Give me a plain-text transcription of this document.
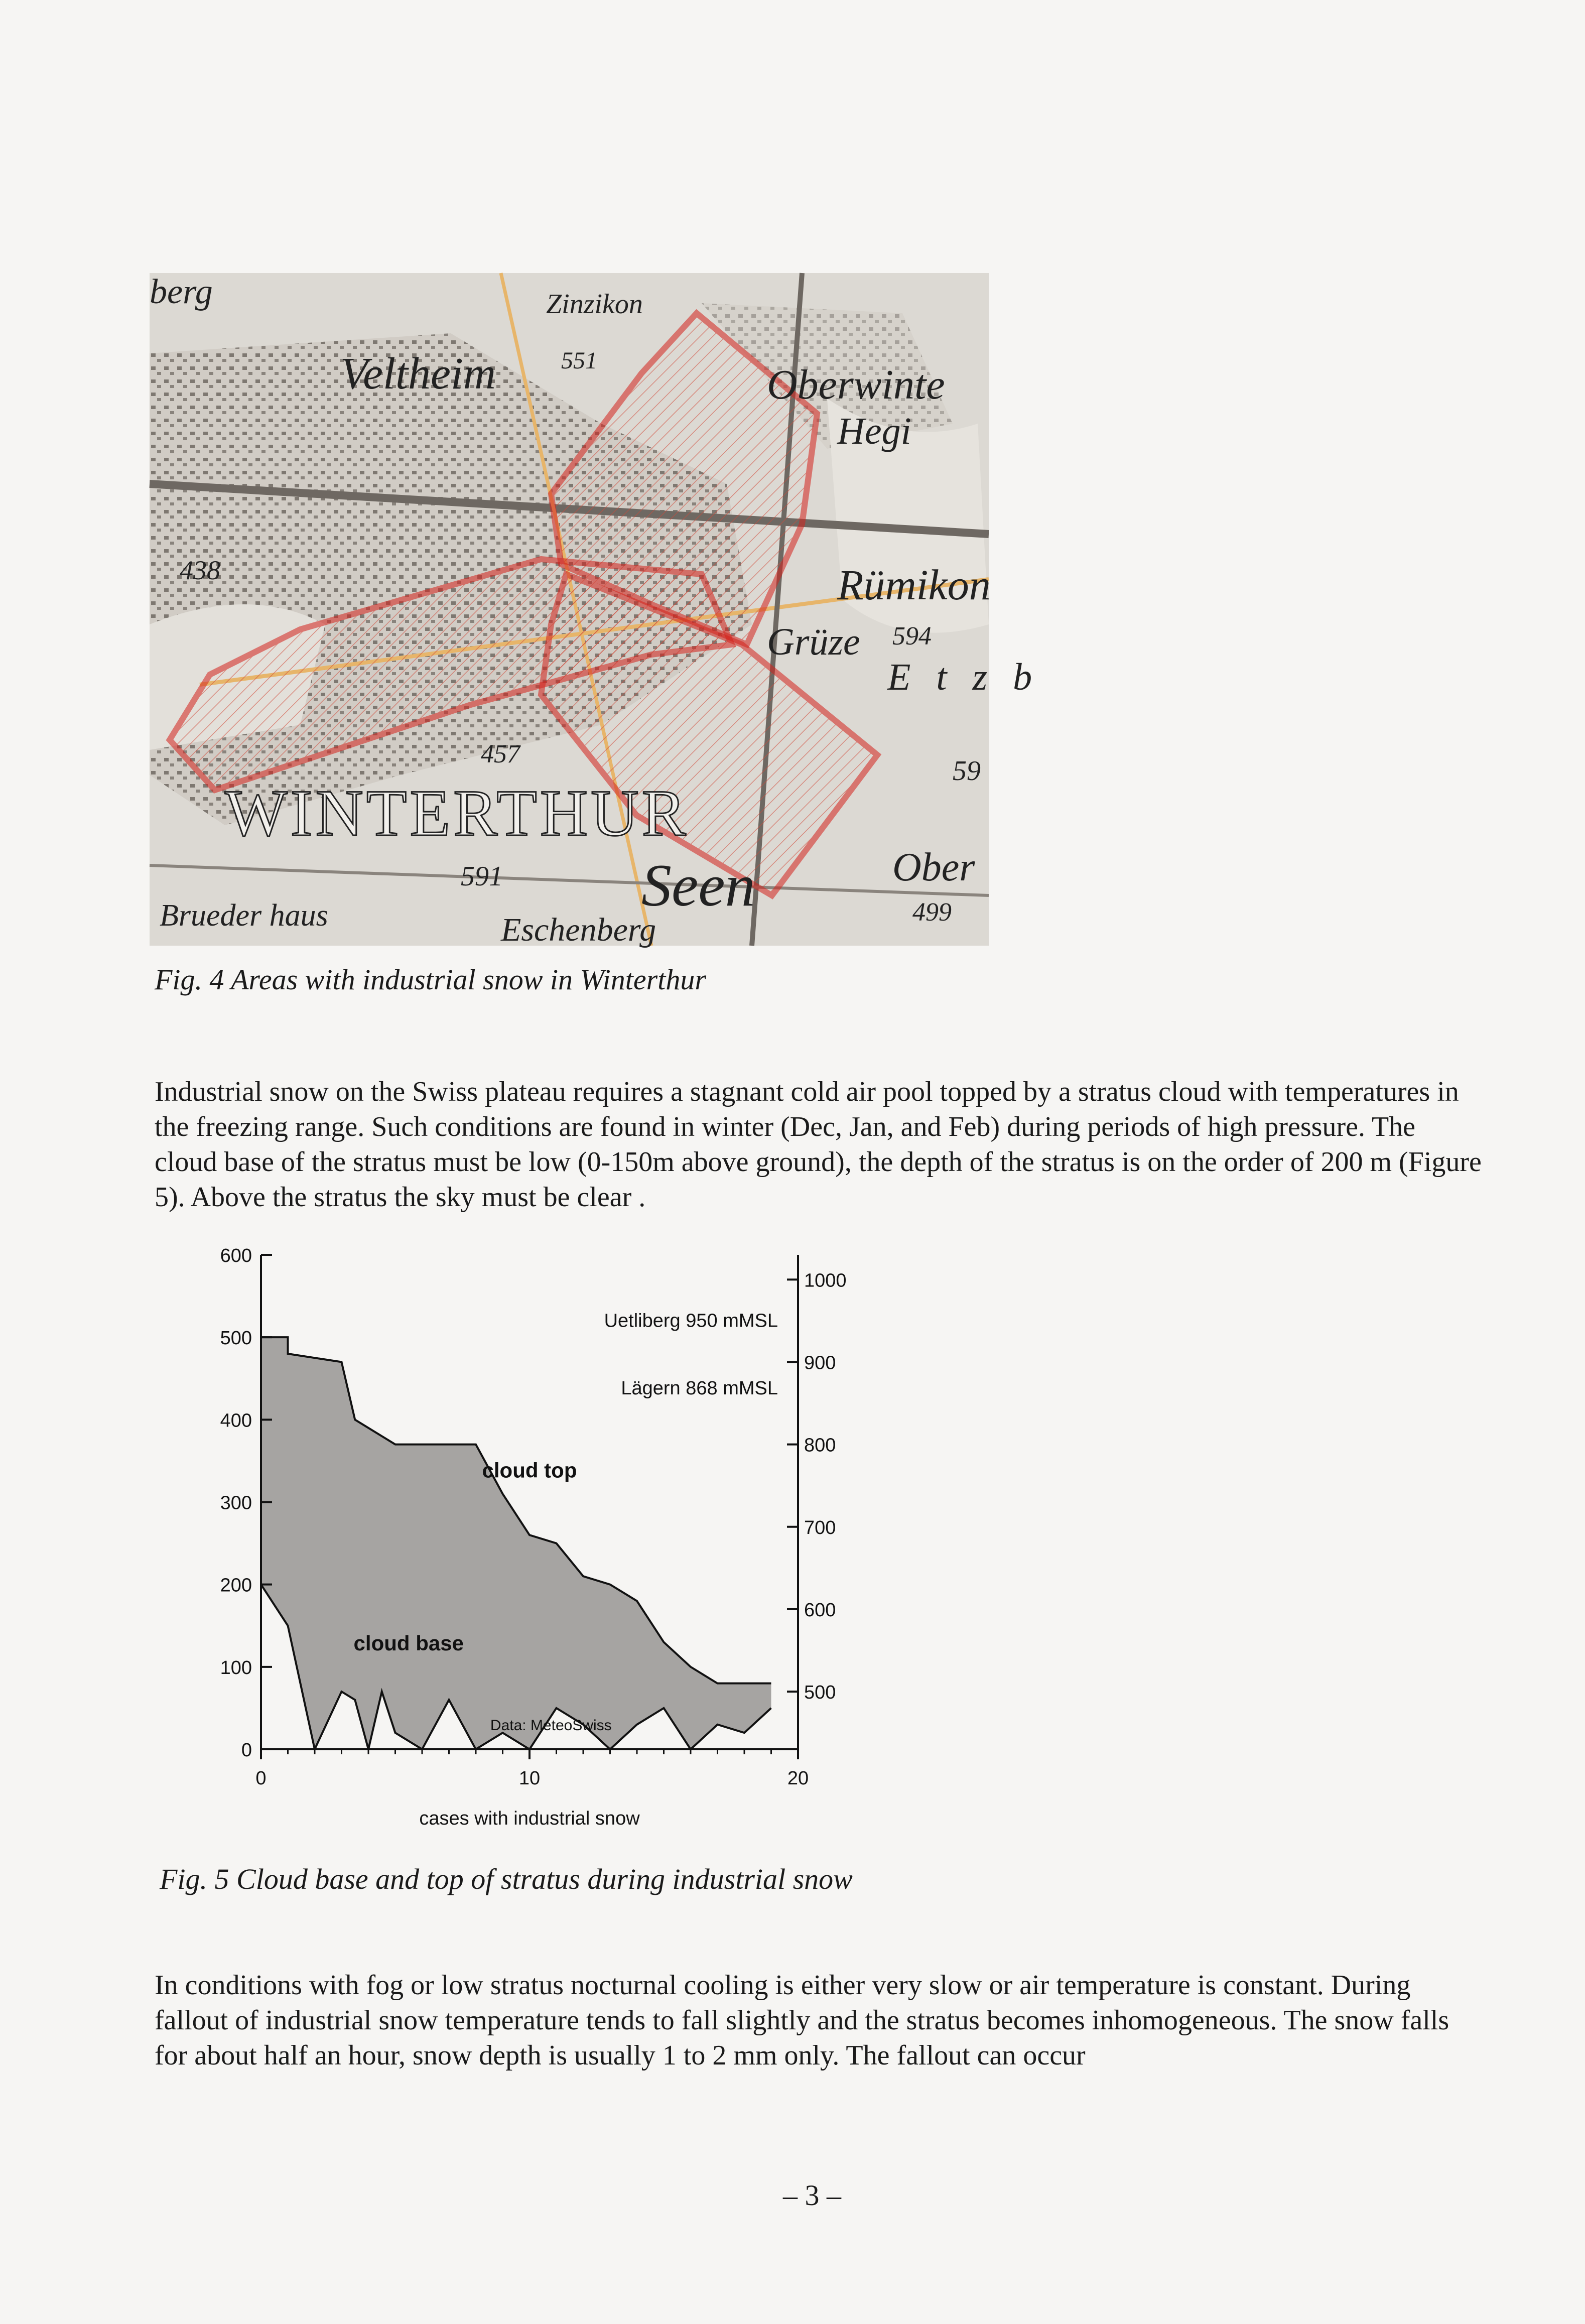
berg	Zinzikon
551
Veltheim	Oberwinte
Hegi
438	Rümikon
Grüze 594
E t z b
457
59
WINTERTHUR
591 Seen	Ober
499
Brueder haus	Eschenberg
Fig. 4 Areas with industrial snow in Winterthur

Industrial snow on the Swiss plateau requires a stagnant cold air pool topped by a stratus cloud with temperatures in the freezing range. Such conditions are found in winter (Dec, Jan, and Feb) during periods of high pressure. The cloud base of the stratus must be low (0-150m above ground), the depth of the stratus is on the order of 200 m (Figure 5). Above the stratus the sky must be clear .

0
100
200
300
400
500
600
500
600
700
800
900
1000
0	10	20
cases with industrial snow
Uetliberg 950 mMSL
Lägern 868 mMSL
cloud top
cloud base
Data: MeteoSwiss
Fig. 5 Cloud base and top of stratus during industrial snow

In conditions with fog or low stratus nocturnal cooling is either very slow or air temperature is constant. During fallout of industrial snow temperature tends to fall slightly and the stratus becomes inhomogeneous. The snow falls for about half an hour, snow depth is usually 1 to 2 mm only. The fallout can occur

– 3 –
